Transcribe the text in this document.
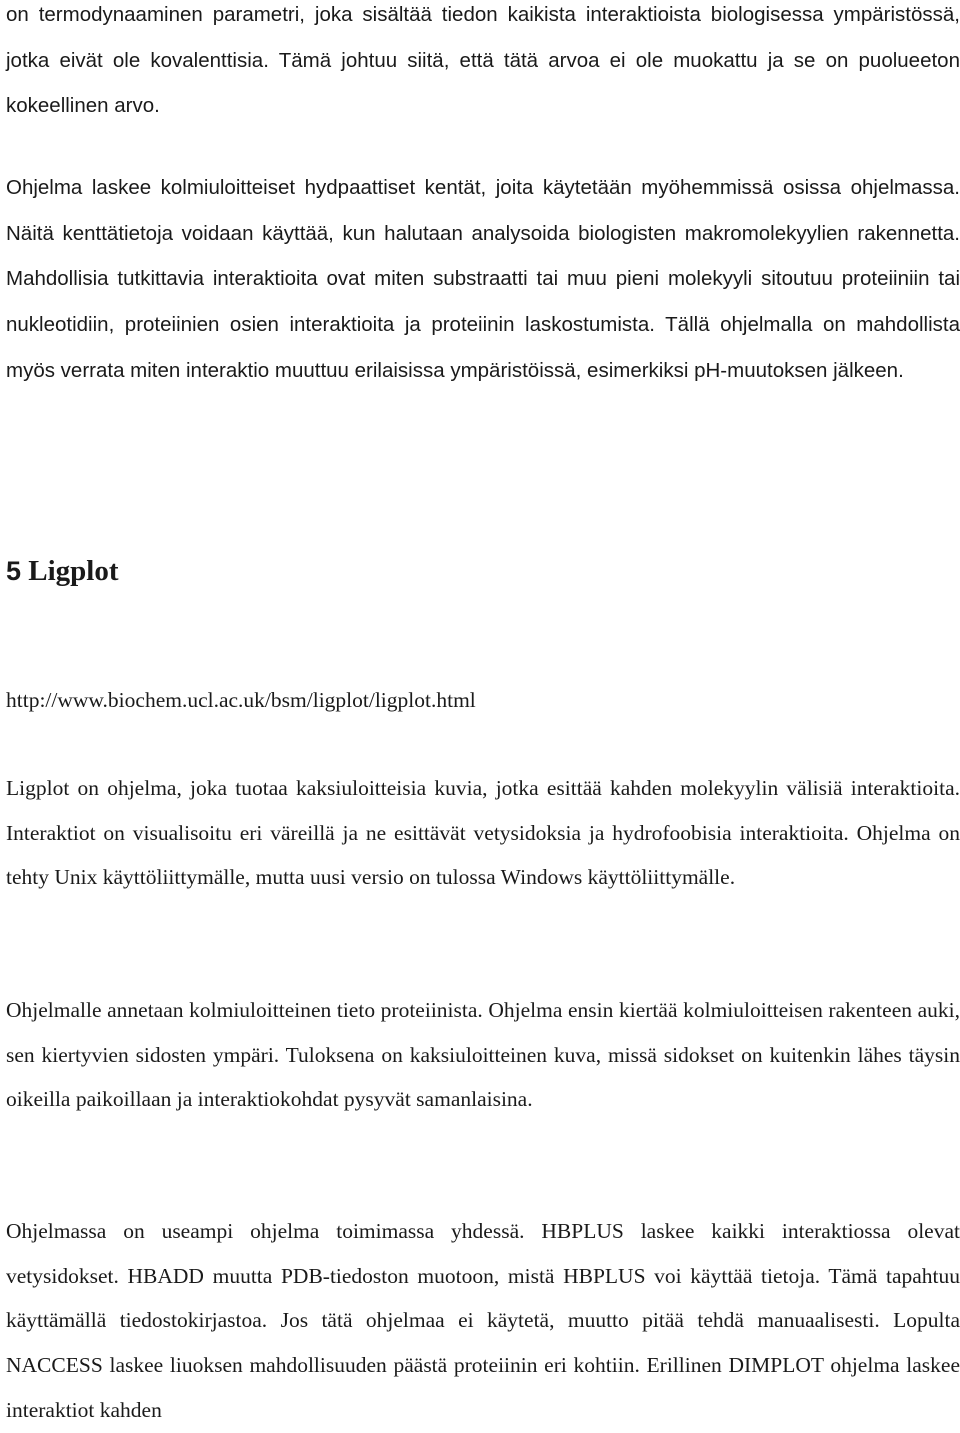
on termodynaaminen parametri, joka sisältää tiedon kaikista interaktioista biologisessa ympäristössä, jotka eivät ole kovalenttisia. Tämä johtuu siitä, että tätä arvoa ei ole muokattu ja se on puolueeton kokeellinen arvo.

Ohjelma laskee kolmiuloitteiset hydpaattiset kentät, joita käytetään myöhemmissä osissa ohjelmassa. Näitä kenttätietoja voidaan käyttää, kun halutaan analysoida biologisten makromolekyylien rakennetta. Mahdollisia tutkittavia interaktioita ovat miten substraatti tai muu pieni molekyyli sitoutuu proteiiniin tai nukleotidiin, proteiinien osien interaktioita ja proteiinin laskostumista. Tällä ohjelmalla on mahdollista myös verrata miten interaktio muuttuu erilaisissa ympäristöissä, esimerkiksi pH-muutoksen jälkeen.

5 Ligplot

http://www.biochem.ucl.ac.uk/bsm/ligplot/ligplot.html

Ligplot on ohjelma, joka tuotaa kaksiuloitteisia kuvia, jotka esittää kahden molekyylin välisiä interaktioita. Interaktiot on visualisoitu eri väreillä ja ne esittävät vetysidoksia ja hydrofoobisia interaktioita. Ohjelma on tehty Unix käyttöliittymälle, mutta uusi versio on tulossa Windows käyttöliittymälle.

Ohjelmalle annetaan kolmiuloitteinen tieto proteiinista. Ohjelma ensin kiertää kolmiuloitteisen rakenteen auki, sen kiertyvien sidosten ympäri. Tuloksena on kaksiuloitteinen kuva, missä sidokset on kuitenkin lähes täysin oikeilla paikoillaan ja interaktiokohdat pysyvät samanlaisina.

Ohjelmassa on useampi ohjelma toimimassa yhdessä. HBPLUS laskee kaikki interaktiossa olevat vetysidokset. HBADD muutta PDB-tiedoston muotoon, mistä HBPLUS voi käyttää tietoja. Tämä tapahtuu käyttämällä tiedostokirjastoa. Jos tätä ohjelmaa ei käytetä, muutto pitää tehdä manuaalisesti. Lopulta NACCESS laskee liuoksen mahdollisuuden päästä proteiinin eri kohtiin. Erillinen DIMPLOT ohjelma laskee interaktiot kahden
